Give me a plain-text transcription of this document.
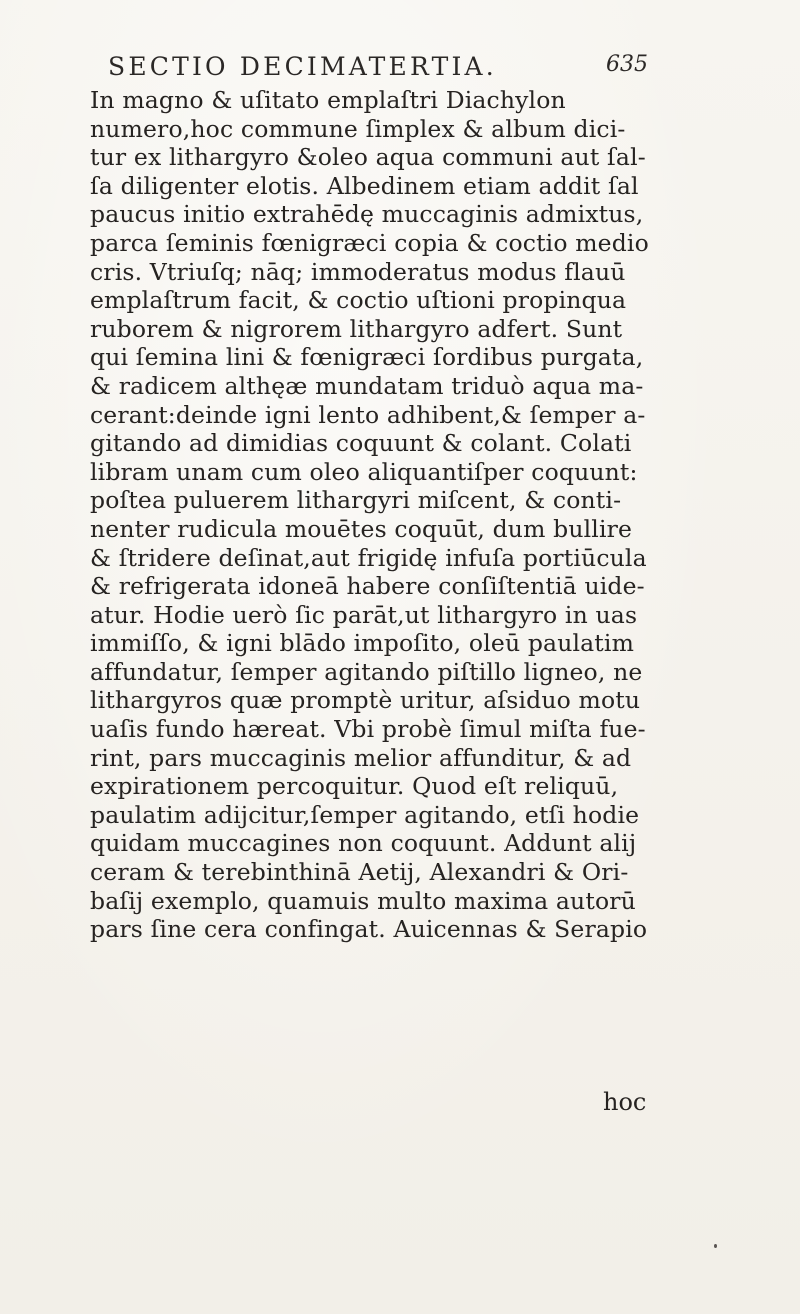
SECTIO DECIMATERTIA.	635
In magno & uſitato emplaſtri Diachylon
numero,hoc commune ſimplex & album dici-
tur ex lithargyro &oleo aqua communi aut ſal-
ſa diligenter elotis. Albedinem etiam addit ſal
paucus initio extrahēdę muccaginis admixtus,
parca ſeminis fœnigræci copia & coctio medio
cris. Vtriuſq; nāq; immoderatus modus flauū
emplaſtrum facit, & coctio uſtioni propinqua
ruborem & nigrorem lithargyro adfert. Sunt
qui ſemina lini & fœnigræci ſordibus purgata,
& radicem althęæ mundatam triduò aqua ma-
cerant:deinde igni lento adhibent,& ſemper a-
gitando ad dimidias coquunt & colant. Colati
libram unam cum oleo aliquantiſper coquunt:
poſtea puluerem lithargyri miſcent, & conti-
nenter rudicula mouētes coquūt, dum bullire
& ſtridere deſinat,aut frigidę infuſa portiūcula
& refrigerata idoneā habere conſiſtentiā uide-
atur. Hodie uerò ſic parāt,ut lithargyro in uas
immiſſo, & igni blādo impoſito, oleū paulatim
affundatur, ſemper agitando piſtillo ligneo, ne
lithargyros quæ promptè uritur, aſsiduo motu
uaſis fundo hæreat. Vbi probè ſimul miſta fue-
rint, pars muccaginis melior affunditur, & ad
expirationem percoquitur. Quod eſt reliquū,
paulatim adijcitur,ſemper agitando, etſi hodie
quidam muccagines non coquunt. Addunt alij
ceram & terebinthinā Aetij, Alexandri & Ori-
baſij exemplo, quamuis multo maxima autorū
pars ſine cera confingat. Auicennas & Serapio
hoc
